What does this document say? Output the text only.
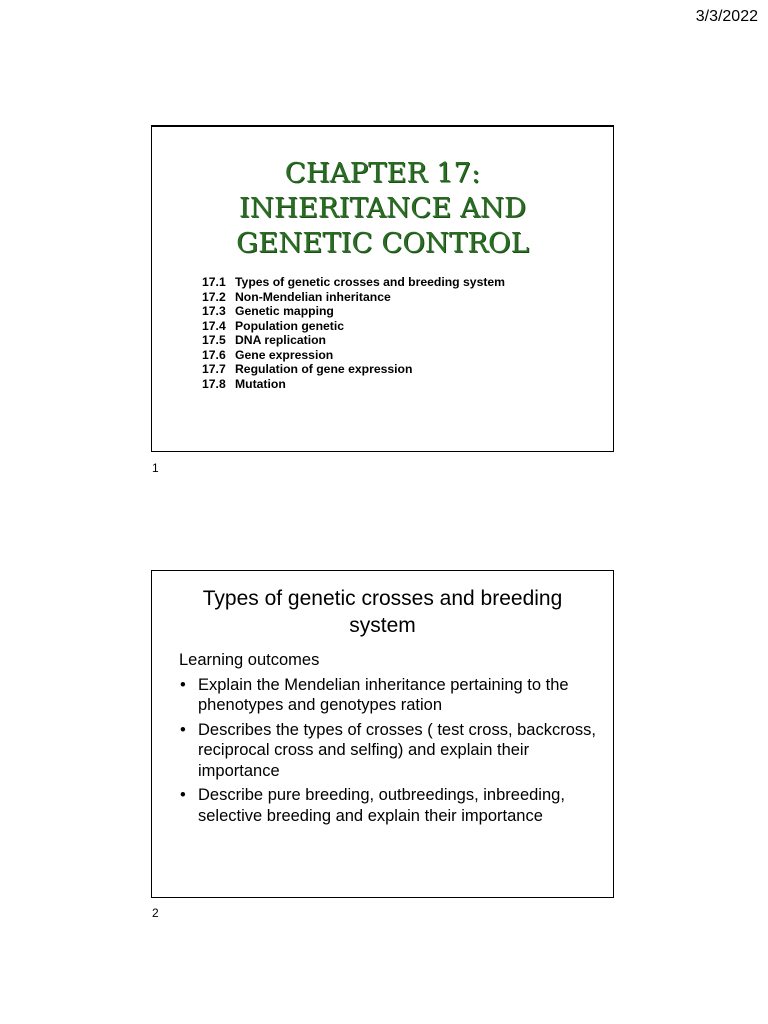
3/3/2022
CHAPTER 17:
INHERITANCE AND
GENETIC CONTROL
17.1 Types of genetic crosses and breeding system
17.2 Non-Mendelian inheritance
17.3 Genetic mapping
17.4 Population genetic
17.5 DNA replication
17.6 Gene expression
17.7 Regulation of gene expression
17.8 Mutation
1
Types of genetic crosses and breeding
system

Learning outcomes

• Explain the Mendelian inheritance pertaining to the phenotypes and genotypes ration
• Describes the types of crosses ( test cross, backcross, reciprocal cross and selfing) and explain their importance
• Describe pure breeding, outbreedings, inbreeding, selective breeding and explain their importance
2
